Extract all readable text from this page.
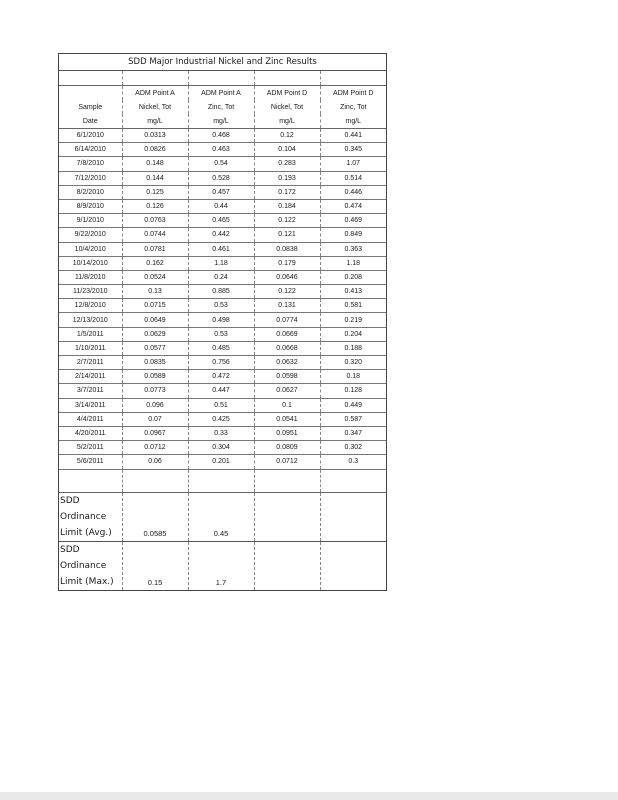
SDD Major Industrial Nickel and Zinc Results				

	ADM Point A	ADM Point A	ADM Point D	ADM Point D
Sample	Nickel, Tot	Zinc, Tot	Nickel, Tot	Zinc, Tot
Date	mg/L	mg/L	mg/L	mg/L
6/1/2010	0.0313	0.468	0.12	0.441
6/14/2010	0.0826	0.463	0.104	0.345
7/8/2010	0.148	0.54	0.283	1.07
7/12/2010	0.144	0.528	0.193	0.514
8/2/2010	0.125	0.457	0.172	0.446
8/9/2010	0.126	0.44	0.184	0.474
9/1/2010	0.0763	0.465	0.122	0.469
9/22/2010	0.0744	0.442	0.121	0.849
10/4/2010	0.0781	0.461	0.0838	0.363
10/14/2010	0.162	1.18	0.179	1.18
11/8/2010	0.0524	0.24	0.0646	0.208
11/23/2010	0.13	0.885	0.122	0.413
12/8/2010	0.0715	0.53	0.131	0.581
12/13/2010	0.0649	0.498	0.0774	0.219
1/5/2011	0.0629	0.53	0.0669	0.204
1/10/2011	0.0577	0.485	0.0668	0.188
2/7/2011	0.0835	0.756	0.0632	0.320
2/14/2011	0.0589	0.472	0.0598	0.18
3/7/2011	0.0773	0.447	0.0627	0.128
3/14/2011	0.096	0.51	0.1	0.449
4/4/2011	0.07	0.425	0.0541	0.587
4/20/2011	0.0967	0.33	0.0951	0.347
5/2/2011	0.0712	0.304	0.0809	0.302
5/6/2011	0.06	0.201	0.0712	0.3

SDD Ordinance Limit (Avg.)	0.0585	0.45		
SDD Ordinance Limit (Max.)	0.15	1.7		
